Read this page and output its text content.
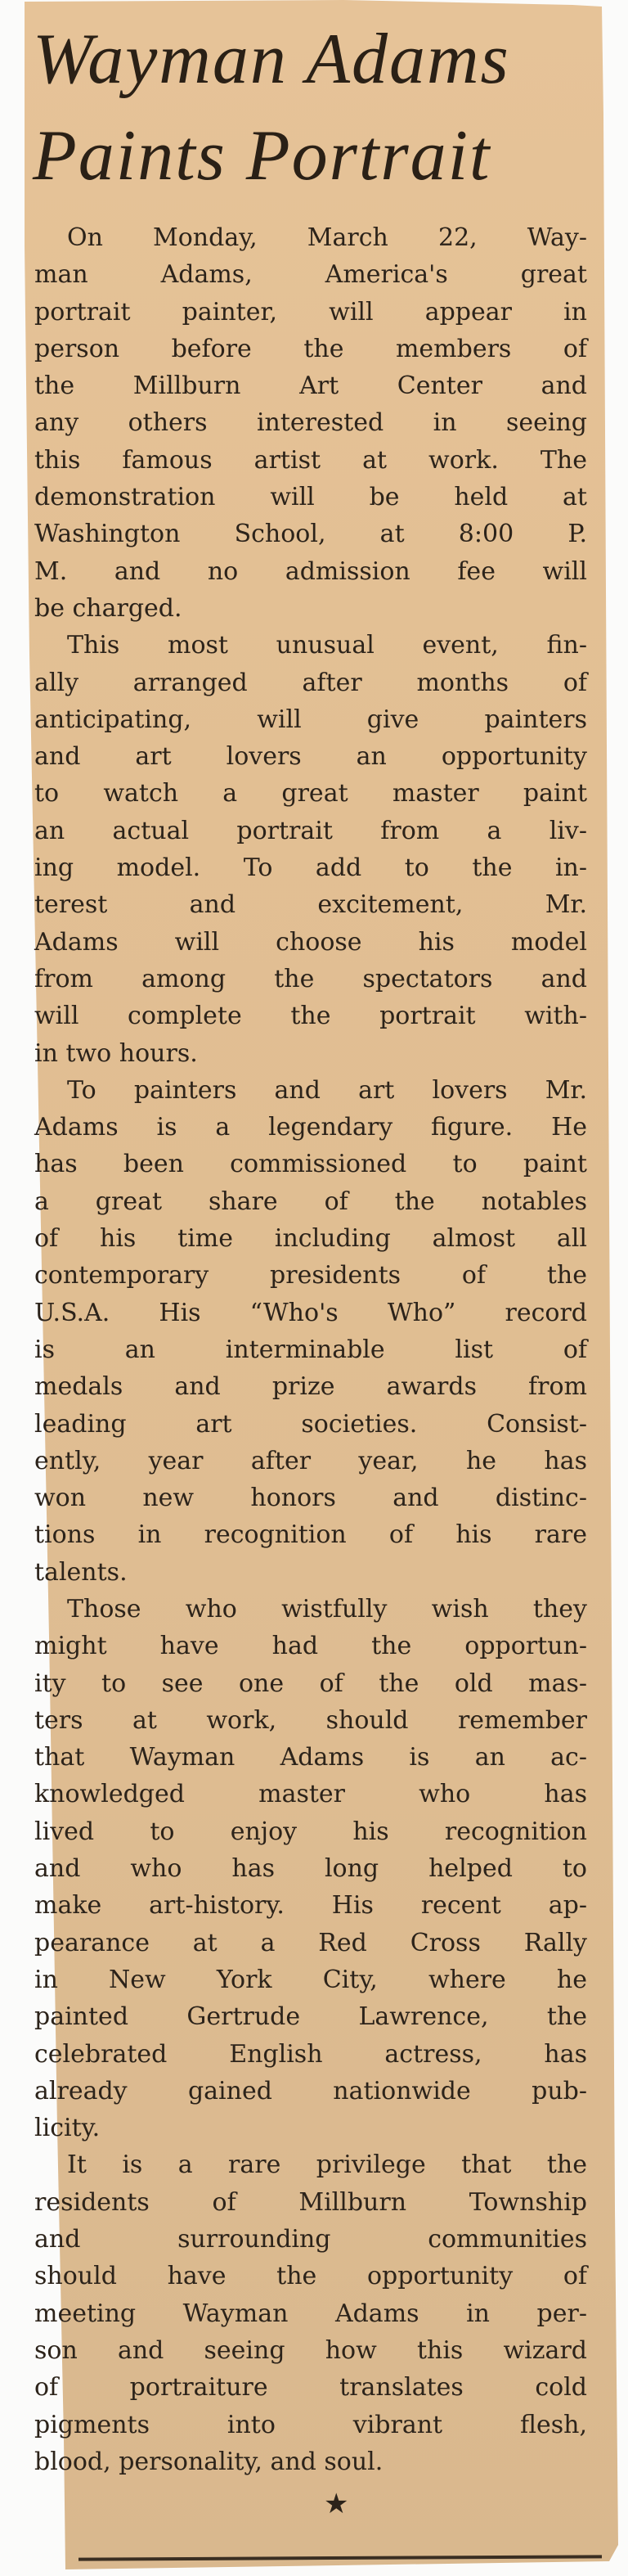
Wayman Adams
Paints Portrait
On Monday, March 22, Way-
man Adams, America's great
portrait painter, will appear in
person before the members of
the Millburn Art Center and
any others interested in seeing
this famous artist at work. The
demonstration will be held at
Washington School, at 8:00 P.
M. and no admission fee will
be charged.
This most unusual event, fin-
ally arranged after months of
anticipating, will give painters
and art lovers an opportunity
to watch a great master paint
an actual portrait from a liv-
ing model. To add to the in-
terest and excitement, Mr.
Adams will choose his model
from among the spectators and
will complete the portrait with-
in two hours.
To painters and art lovers Mr.
Adams is a legendary figure. He
has been commissioned to paint
a great share of the notables
of his time including almost all
contemporary presidents of the
U.S.A. His “Who's Who” record
is an interminable list of
medals and prize awards from
leading art societies. Consist-
ently, year after year, he has
won new honors and distinc-
tions in recognition of his rare
talents.
Those who wistfully wish they
might have had the opportun-
ity to see one of the old mas-
ters at work, should remember
that Wayman Adams is an ac-
knowledged master who has
lived to enjoy his recognition
and who has long helped to
make art-history. His recent ap-
pearance at a Red Cross Rally
in New York City, where he
painted Gertrude Lawrence, the
celebrated English actress, has
already gained nationwide pub-
licity.
It is a rare privilege that the
residents of Millburn Township
and surrounding communities
should have the opportunity of
meeting Wayman Adams in per-
son and seeing how this wizard
of portraiture translates cold
pigments into vibrant flesh,
blood, personality, and soul.
★
